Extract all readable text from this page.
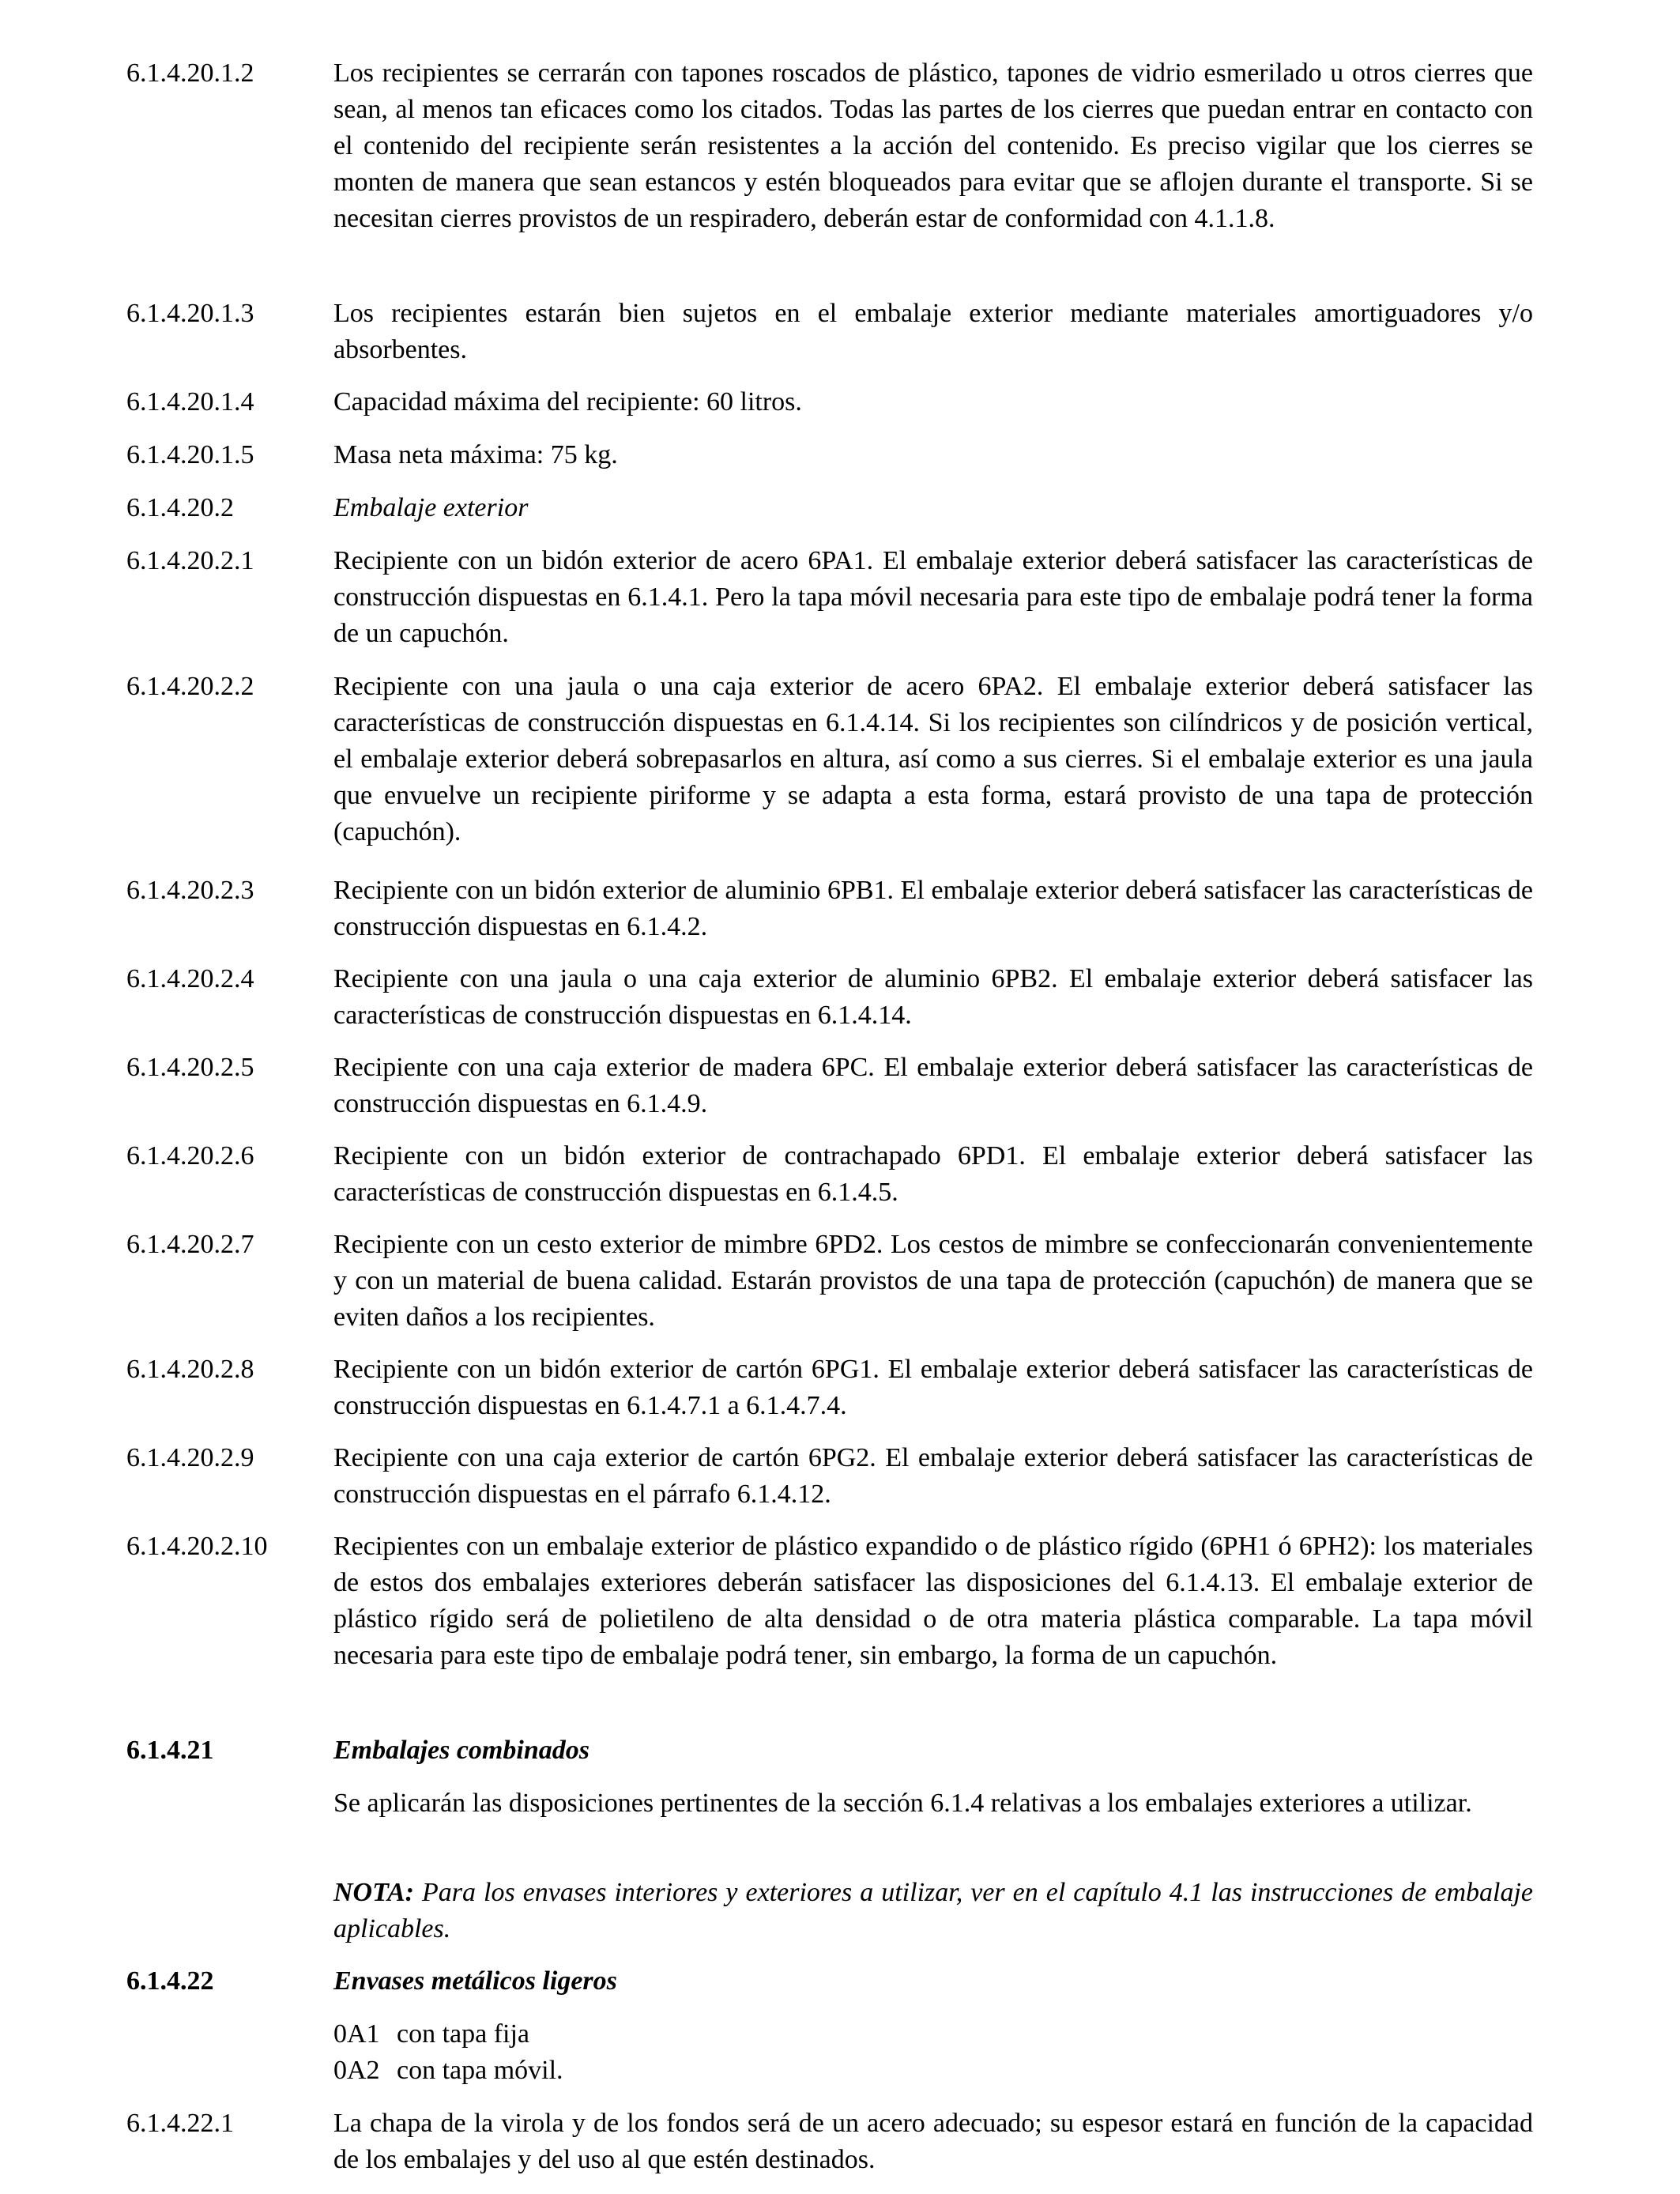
6.1.4.20.1.2	Los recipientes se cerrarán con tapones roscados de plástico, tapones de vidrio esmerilado u otros cierres que sean, al menos tan eficaces como los citados. Todas las partes de los cierres que puedan entrar en contacto con el contenido del recipiente serán resistentes a la acción del contenido. Es preciso vigilar que los cierres se monten de manera que sean estancos y estén bloqueados para evitar que se aflojen durante el transporte. Si se necesitan cierres provistos de un respiradero, deberán estar de conformidad con 4.1.1.8.
6.1.4.20.1.3	Los recipientes estarán bien sujetos en el embalaje exterior mediante materiales amortiguadores y/o absorbentes.
6.1.4.20.1.4	Capacidad máxima del recipiente: 60 litros.
6.1.4.20.1.5	Masa neta máxima: 75 kg.
6.1.4.20.2	Embalaje exterior
6.1.4.20.2.1	Recipiente con un bidón exterior de acero 6PA1. El embalaje exterior deberá satisfacer las características de construcción dispuestas en 6.1.4.1. Pero la tapa móvil necesaria para este tipo de embalaje podrá tener la forma de un capuchón.
6.1.4.20.2.2	Recipiente con una jaula o una caja exterior de acero 6PA2. El embalaje exterior deberá satisfacer las características de construcción dispuestas en 6.1.4.14. Si los recipientes son cilíndricos y de posición vertical, el embalaje exterior deberá sobrepasarlos en altura, así como a sus cierres. Si el embalaje exterior es una jaula que envuelve un recipiente piriforme y se adapta a esta forma, estará provisto de una tapa de protección (capuchón).
6.1.4.20.2.3	Recipiente con un bidón exterior de aluminio 6PB1. El embalaje exterior deberá satisfacer las características de construcción dispuestas en 6.1.4.2.
6.1.4.20.2.4	Recipiente con una jaula o una caja exterior de aluminio 6PB2. El embalaje exterior deberá satisfacer las características de construcción dispuestas en 6.1.4.14.
6.1.4.20.2.5	Recipiente con una caja exterior de madera 6PC. El embalaje exterior deberá satisfacer las características de construcción dispuestas en 6.1.4.9.
6.1.4.20.2.6	Recipiente con un bidón exterior de contrachapado 6PD1. El embalaje exterior deberá satisfacer las características de construcción dispuestas en 6.1.4.5.
6.1.4.20.2.7	Recipiente con un cesto exterior de mimbre 6PD2. Los cestos de mimbre se confeccionarán convenientemente y con un material de buena calidad. Estarán provistos de una tapa de protección (capuchón) de manera que se eviten daños a los recipientes.
6.1.4.20.2.8	Recipiente con un bidón exterior de cartón 6PG1. El embalaje exterior deberá satisfacer las características de construcción dispuestas en 6.1.4.7.1 a 6.1.4.7.4.
6.1.4.20.2.9	Recipiente con una caja exterior de cartón 6PG2. El embalaje exterior deberá satisfacer las características de construcción dispuestas en el párrafo 6.1.4.12.
6.1.4.20.2.10 Recipientes con un embalaje exterior de plástico expandido o de plástico rígido (6PH1 ó 6PH2): los materiales de estos dos embalajes exteriores deberán satisfacer las disposiciones del 6.1.4.13. El embalaje exterior de plástico rígido será de polietileno de alta densidad o de otra materia plástica comparable. La tapa móvil necesaria para este tipo de embalaje podrá tener, sin embargo, la forma de un capuchón.
6.1.4.21	Embalajes combinados
Se aplicarán las disposiciones pertinentes de la sección 6.1.4 relativas a los embalajes exteriores a utilizar.
NOTA: Para los envases interiores y exteriores a utilizar, ver en el capítulo 4.1 las instrucciones de embalaje aplicables.
6.1.4.22	Envases metálicos ligeros
0A1 con tapa fija
0A2 con tapa móvil.
6.1.4.22.1	La chapa de la virola y de los fondos será de un acero adecuado; su espesor estará en función de la capacidad de los embalajes y del uso al que estén destinados.
